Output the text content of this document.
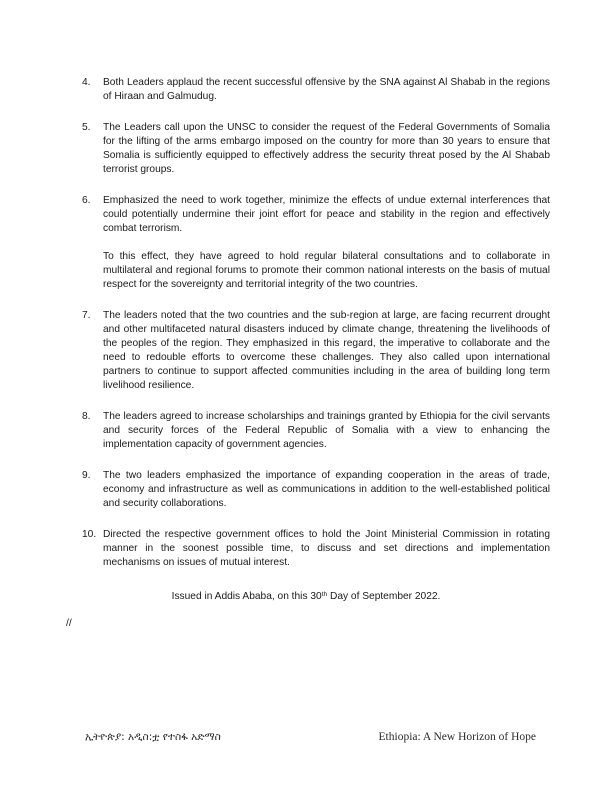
4.	Both Leaders applaud the recent successful offensive by the SNA against Al Shabab in the regions of Hiraan and Galmudug.

5.	The Leaders call upon the UNSC to consider the request of the Federal Governments of Somalia for the lifting of the arms embargo imposed on the country for more than 30 years to ensure that Somalia is sufficiently equipped to effectively address the security threat posed by the Al Shabab terrorist groups.

6.	Emphasized the need to work together, minimize the effects of undue external interferences that could potentially undermine their joint effort for peace and stability in the region and effectively combat terrorism.

To this effect, they have agreed to hold regular bilateral consultations and to collaborate in multilateral and regional forums to promote their common national interests on the basis of mutual respect for the sovereignty and territorial integrity of the two countries.

7.	The leaders noted that the two countries and the sub-region at large, are facing recurrent drought and other multifaceted natural disasters induced by climate change, threatening the livelihoods of the peoples of the region. They emphasized in this regard, the imperative to collaborate and the need to redouble efforts to overcome these challenges. They also called upon international partners to continue to support affected communities including in the area of building long term livelihood resilience.

8.	The leaders agreed to increase scholarships and trainings granted by Ethiopia for the civil servants and security forces of the Federal Republic of Somalia with a view to enhancing the implementation capacity of government agencies.

9.	The two leaders emphasized the importance of expanding cooperation in the areas of trade, economy and infrastructure as well as communications in addition to the well-established political and security collaborations.

10. Directed the respective government offices to hold the Joint Ministerial Commission in rotating manner in the soonest possible time, to discuss and set directions and implementation mechanisms on issues of mutual interest.

Issued in Addis Ababa, on this 30th Day of September 2022.
//
ኢትዮጵያ: አዲስ:ቷ የተስፋ አድማስ	Ethiopia: A New Horizon of Hope
